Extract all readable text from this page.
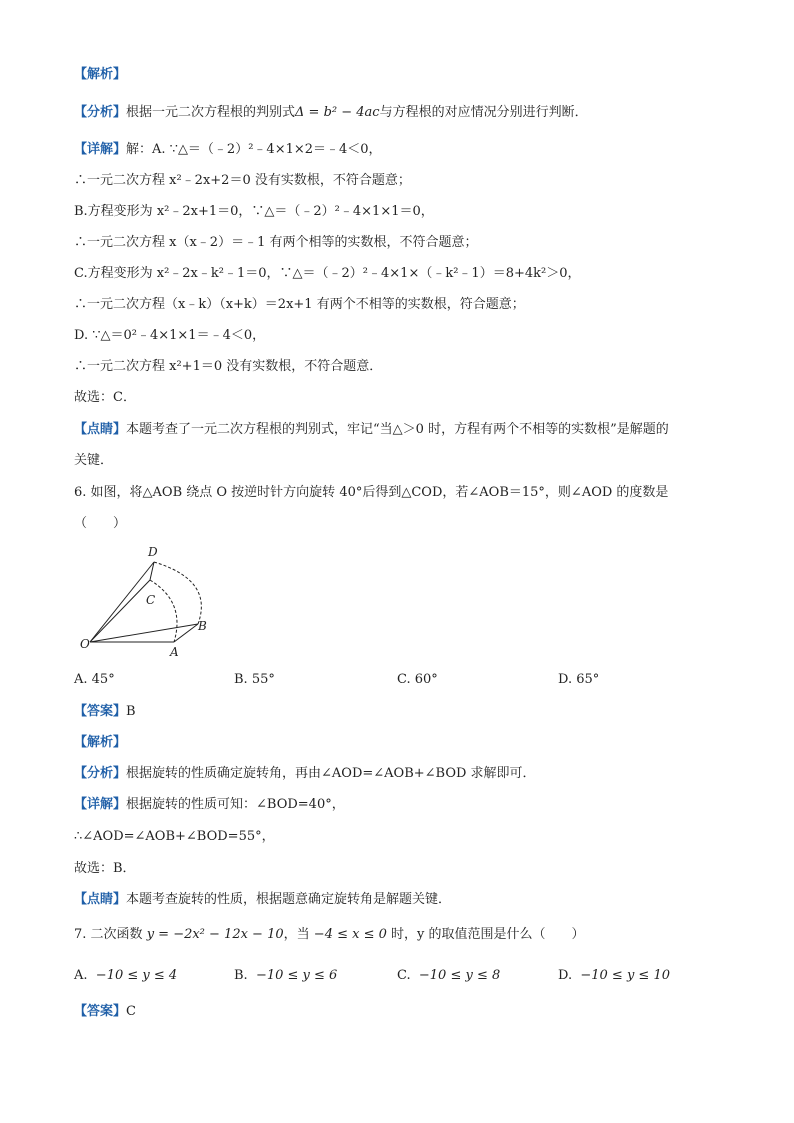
【解析】
【分析】根据一元二次方程根的判别式Δ = b² − 4ac与方程根的对应情况分别进行判断．
【详解】解：A. ∵△＝（﹣2）²﹣4×1×2＝﹣4＜0，
∴一元二次方程 x²﹣2x+2＝0 没有实数根，不符合题意；
B.方程变形为 x²﹣2x+1＝0，∵△＝（﹣2）²﹣4×1×1＝0，
∴一元二次方程 x（x﹣2）＝﹣1 有两个相等的实数根，不符合题意；
C.方程变形为 x²﹣2x﹣k²﹣1＝0，∵△＝（﹣2）²﹣4×1×（﹣k²﹣1）＝8+4k²＞0，
∴一元二次方程（x﹣k）（x+k）＝2x+1 有两个不相等的实数根，符合题意；
D. ∵△＝0²﹣4×1×1＝﹣4＜0，
∴一元二次方程 x²+1＝0 没有实数根，不符合题意．
故选：C．
【点睛】本题考查了一元二次方程根的判别式，牢记“当△＞0 时，方程有两个不相等的实数根”是解题的
关键．
6. 如图，将△AOB 绕点 O 按逆时针方向旋转 40°后得到△COD，若∠AOB＝15°，则∠AOD 的度数是
（　　）
D
C
B
O
A
A. 45°	B. 55°	C. 60°	D. 65°
【答案】B
【解析】
【分析】根据旋转的性质确定旋转角，再由∠AOD=∠AOB+∠BOD 求解即可．
【详解】根据旋转的性质可知：∠BOD=40°，
∴∠AOD=∠AOB+∠BOD=55°，
故选：B．
【点睛】本题考查旋转的性质，根据题意确定旋转角是解题关键．
7. 二次函数 y = −2x² − 12x − 10，当 −4 ≤ x ≤ 0 时，y 的取值范围是什么（　　）
A. −10 ≤ y ≤ 4	B. −10 ≤ y ≤ 6	C. −10 ≤ y ≤ 8	D. −10 ≤ y ≤ 10
【答案】C
